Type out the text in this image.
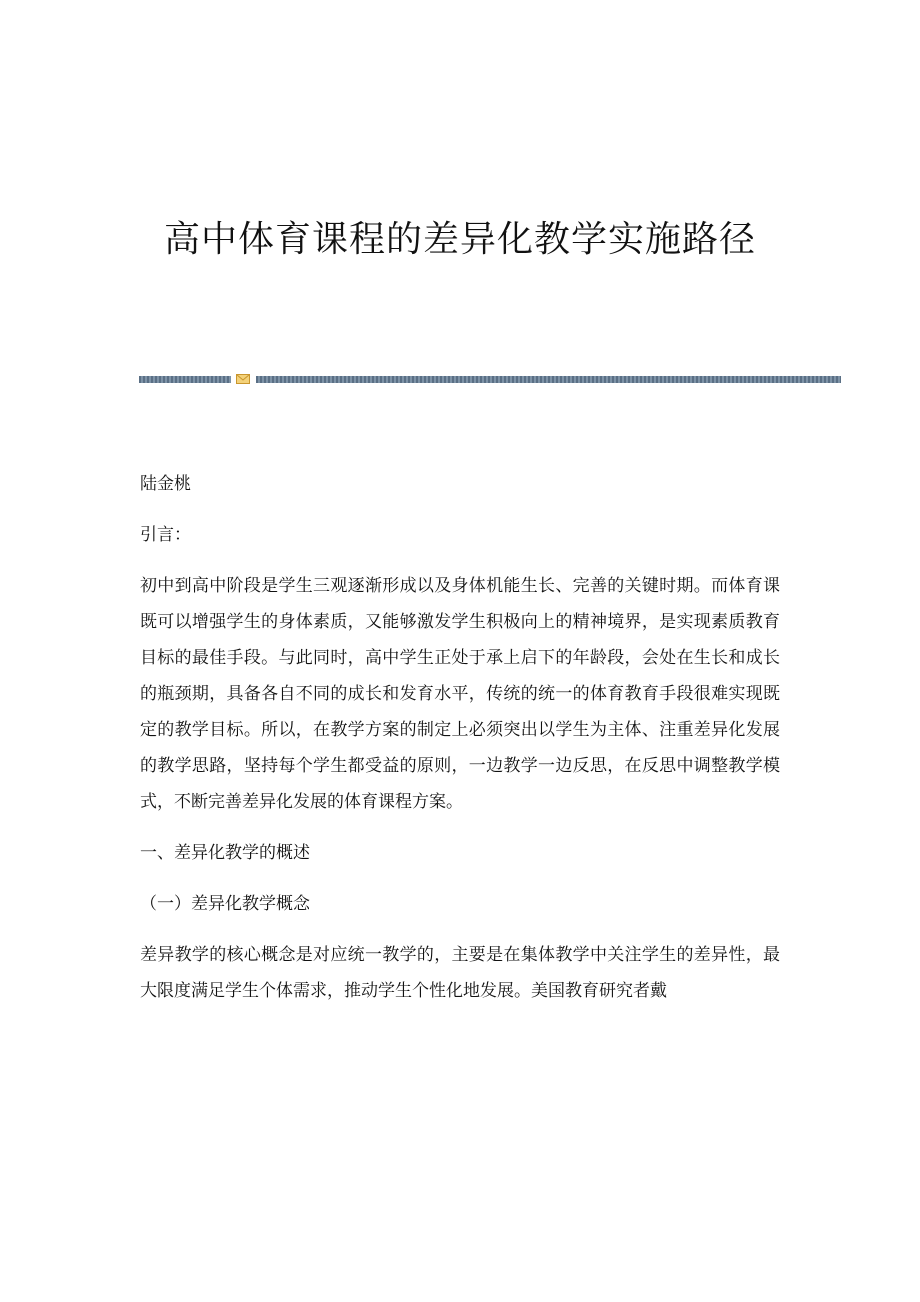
高中体育课程的差异化教学实施路径

陆金桃

引言：

初中到高中阶段是学生三观逐渐形成以及身体机能生长、完善的关键时期。而体育课既可以增强学生的身体素质，又能够激发学生积极向上的精神境界，是实现素质教育目标的最佳手段。与此同时，高中学生正处于承上启下的年龄段，会处在生长和成长的瓶颈期，具备各自不同的成长和发育水平，传统的统一的体育教育手段很难实现既定的教学目标。所以，在教学方案的制定上必须突出以学生为主体、注重差异化发展的教学思路，坚持每个学生都受益的原则，一边教学一边反思，在反思中调整教学模式，不断完善差异化发展的体育课程方案。

一、差异化教学的概述

（一）差异化教学概念

差异教学的核心概念是对应统一教学的，主要是在集体教学中关注学生的差异性，最大限度满足学生个体需求，推动学生个性化地发展。美国教育研究者戴
